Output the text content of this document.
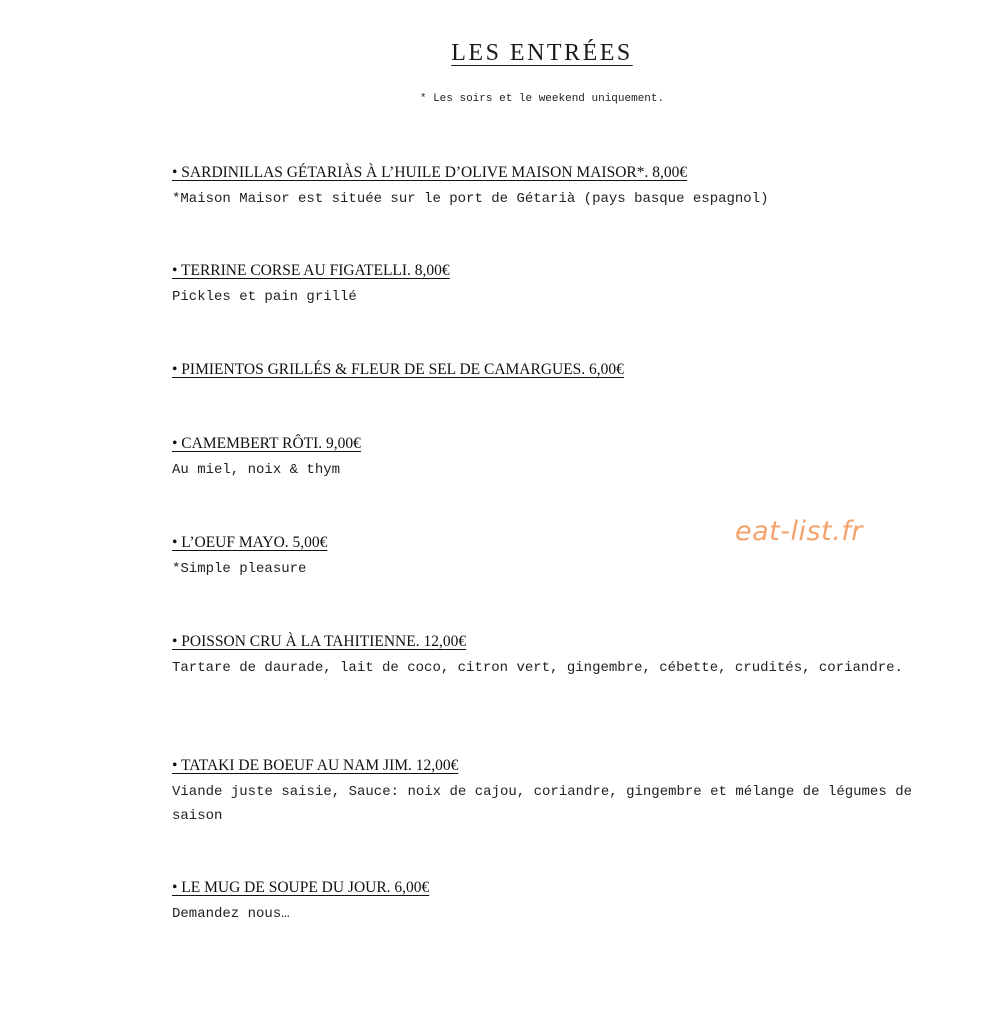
LES ENTRÉES
* Les soirs et le weekend uniquement.
• SARDINILLAS GÉTARIÀS À L’HUILE D’OLIVE MAISON MAISOR*. 8,00€
*Maison Maisor est située sur le port de Gétarià (pays basque espagnol)
• TERRINE CORSE AU FIGATELLI. 8,00€
Pickles et pain grillé
• PIMIENTOS GRILLÉS & FLEUR DE SEL DE CAMARGUES. 6,00€
• CAMEMBERT RÔTI. 9,00€
Au miel, noix & thym
• L’OEUF MAYO. 5,00€
*Simple pleasure
• POISSON CRU À LA TAHITIENNE. 12,00€
Tartare de daurade, lait de coco, citron vert, gingembre, cébette, crudités, coriandre.
• TATAKI DE BOEUF AU NAM JIM. 12,00€
Viande juste saisie, Sauce: noix de cajou, coriandre, gingembre et mélange de légumes de saison
• LE MUG DE SOUPE DU JOUR. 6,00€
Demandez nous…
eat-list.fr
